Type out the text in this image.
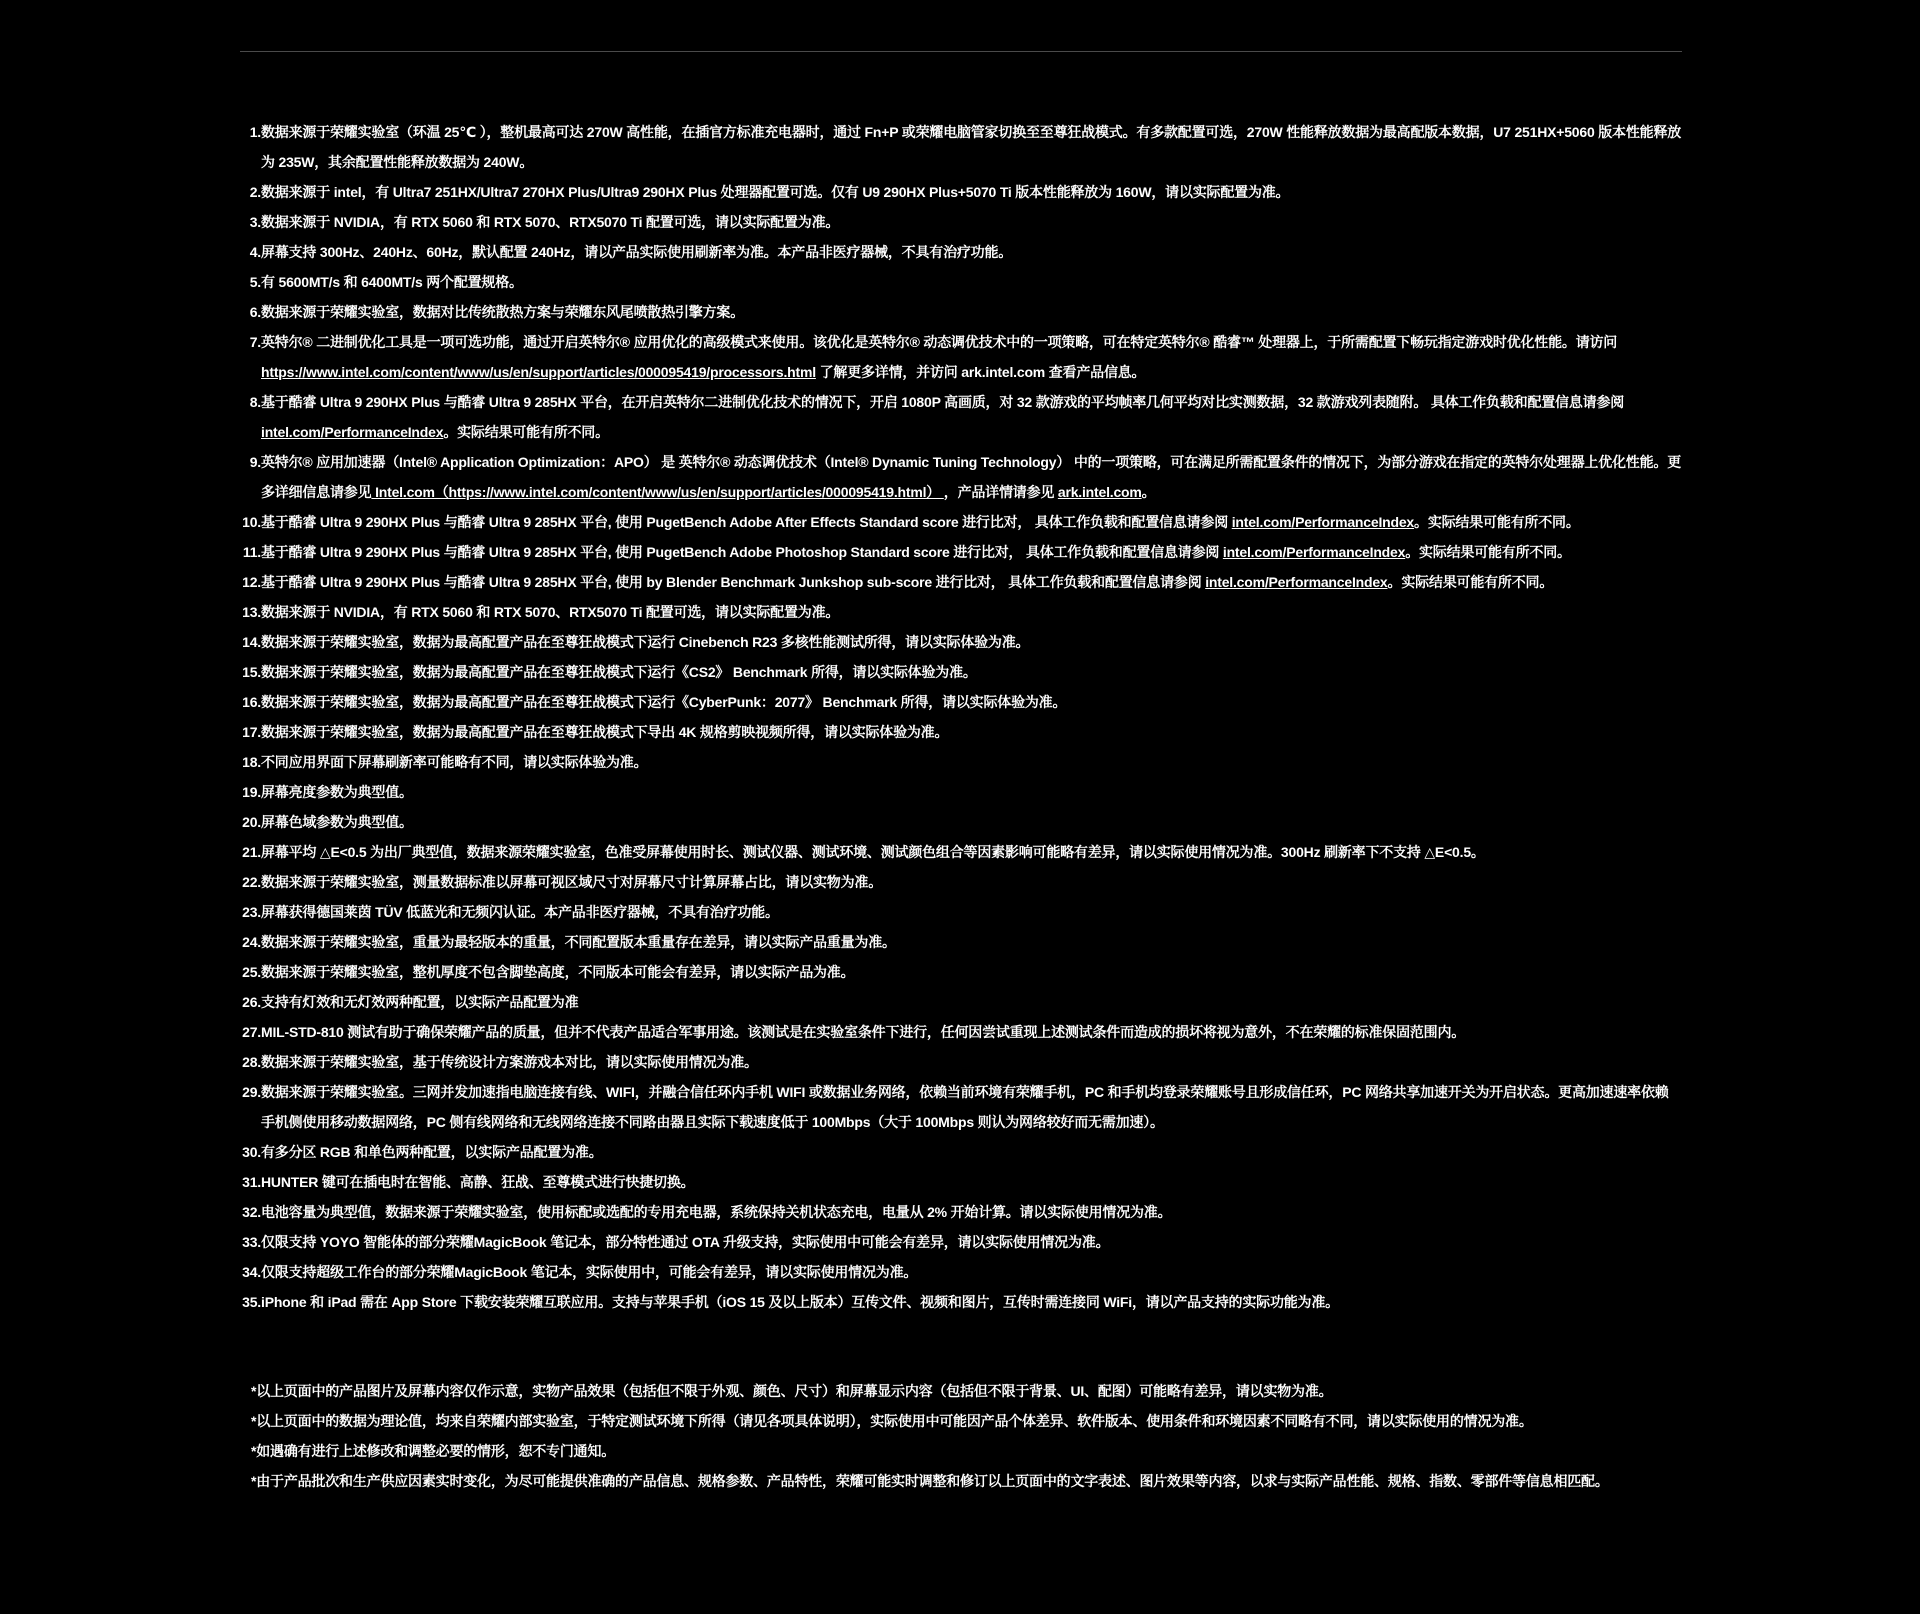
1. 数据来源于荣耀实验室（环温 25℃ ），整机最高可达 270W 高性能，在插官方标准充电器时，通过 Fn+P 或荣耀电脑管家切换至至尊狂战模式。有多款配置可选，270W 性能释放数据为最高配版本数据，U7 251HX+5060 版本性能释放为 235W，其余配置性能释放数据为 240W。
2. 数据来源于 intel，有 Ultra7 251HX/Ultra7 270HX Plus/Ultra9 290HX Plus 处理器配置可选。仅有 U9 290HX Plus+5070 Ti 版本性能释放为 160W，请以实际配置为准。
3. 数据来源于 NVIDIA，有 RTX 5060 和 RTX 5070、RTX5070 Ti 配置可选，请以实际配置为准。
4. 屏幕支持 300Hz、240Hz、60Hz，默认配置 240Hz，请以产品实际使用刷新率为准。本产品非医疗器械，不具有治疗功能。
5. 有 5600MT/s 和 6400MT/s 两个配置规格。
6. 数据来源于荣耀实验室，数据对比传统散热方案与荣耀东风尾喷散热引擎方案。
7. 英特尔® 二进制优化工具是一项可选功能，通过开启英特尔® 应用优化的高级模式来使用。该优化是英特尔® 动态调优技术中的一项策略，可在特定英特尔® 酷睿™ 处理器上，于所需配置下畅玩指定游戏时优化性能。请访问https://www.intel.com/content/www/us/en/support/articles/000095419/processors.html 了解更多详情，并访问 ark.intel.com 查看产品信息。
8. 基于酷睿 Ultra 9 290HX Plus 与酷睿 Ultra 9 285HX 平台，在开启英特尔二进制优化技术的情况下，开启 1080P 高画质，对 32 款游戏的平均帧率几何平均对比实测数据，32 款游戏列表随附。 具体工作负载和配置信息请参阅 intel.com/PerformanceIndex。实际结果可能有所不同。
9. 英特尔® 应用加速器（Intel® Application Optimization：APO） 是 英特尔® 动态调优技术（Intel® Dynamic Tuning Technology） 中的一项策略，可在满足所需配置条件的情况下，为部分游戏在指定的英特尔处理器上优化性能。更多详细信息请参见 Intel.com（https://www.intel.com/content/www/us/en/support/articles/000095419.html） ，产品详情请参见 ark.intel.com。
10. 基于酷睿 Ultra 9 290HX Plus 与酷睿 Ultra 9 285HX 平台, 使用 PugetBench Adobe After Effects Standard score 进行比对， 具体工作负载和配置信息请参阅 intel.com/PerformanceIndex。实际结果可能有所不同。
11. 基于酷睿 Ultra 9 290HX Plus 与酷睿 Ultra 9 285HX 平台, 使用 PugetBench Adobe Photoshop Standard score 进行比对， 具体工作负载和配置信息请参阅 intel.com/PerformanceIndex。实际结果可能有所不同。
12. 基于酷睿 Ultra 9 290HX Plus 与酷睿 Ultra 9 285HX 平台, 使用 by Blender Benchmark Junkshop sub-score 进行比对， 具体工作负载和配置信息请参阅 intel.com/PerformanceIndex。实际结果可能有所不同。
13. 数据来源于 NVIDIA，有 RTX 5060 和 RTX 5070、RTX5070 Ti 配置可选，请以实际配置为准。
14. 数据来源于荣耀实验室，数据为最高配置产品在至尊狂战模式下运行 Cinebench R23 多核性能测试所得，请以实际体验为准。
15. 数据来源于荣耀实验室，数据为最高配置产品在至尊狂战模式下运行《CS2》 Benchmark 所得，请以实际体验为准。
16. 数据来源于荣耀实验室，数据为最高配置产品在至尊狂战模式下运行《CyberPunk：2077》 Benchmark 所得，请以实际体验为准。
17. 数据来源于荣耀实验室，数据为最高配置产品在至尊狂战模式下导出 4K 规格剪映视频所得，请以实际体验为准。
18. 不同应用界面下屏幕刷新率可能略有不同，请以实际体验为准。
19. 屏幕亮度参数为典型值。
20. 屏幕色域参数为典型值。
21. 屏幕平均 △E<0.5 为出厂典型值，数据来源荣耀实验室，色准受屏幕使用时长、测试仪器、测试环境、测试颜色组合等因素影响可能略有差异，请以实际使用情况为准。300Hz 刷新率下不支持 △E<0.5。
22. 数据来源于荣耀实验室，测量数据标准以屏幕可视区域尺寸对屏幕尺寸计算屏幕占比，请以实物为准。
23. 屏幕获得德国莱茵 TÜV 低蓝光和无频闪认证。本产品非医疗器械，不具有治疗功能。
24. 数据来源于荣耀实验室，重量为最轻版本的重量，不同配置版本重量存在差异，请以实际产品重量为准。
25. 数据来源于荣耀实验室，整机厚度不包含脚垫高度，不同版本可能会有差异，请以实际产品为准。
26. 支持有灯效和无灯效两种配置，以实际产品配置为准
27. MIL-STD-810 测试有助于确保荣耀产品的质量，但并不代表产品适合军事用途。该测试是在实验室条件下进行，任何因尝试重现上述测试条件而造成的损坏将视为意外，不在荣耀的标准保固范围内。
28. 数据来源于荣耀实验室，基于传统设计方案游戏本对比，请以实际使用情况为准。
29. 数据来源于荣耀实验室。三网并发加速指电脑连接有线、WIFI，并融合信任环内手机 WIFI 或数据业务网络，依赖当前环境有荣耀手机，PC 和手机均登录荣耀账号且形成信任环，PC 网络共享加速开关为开启状态。更高加速速率依赖手机侧使用移动数据网络，PC 侧有线网络和无线网络连接不同路由器且实际下载速度低于 100Mbps（大于 100Mbps 则认为网络较好而无需加速）。
30. 有多分区 RGB 和单色两种配置，以实际产品配置为准。
31. HUNTER 键可在插电时在智能、高静、狂战、至尊模式进行快捷切换。
32. 电池容量为典型值，数据来源于荣耀实验室，使用标配或选配的专用充电器，系统保持关机状态充电，电量从 2% 开始计算。请以实际使用情况为准。
33. 仅限支持 YOYO 智能体的部分荣耀MagicBook 笔记本，部分特性通过 OTA 升级支持，实际使用中可能会有差异，请以实际使用情况为准。
34. 仅限支持超级工作台的部分荣耀MagicBook 笔记本，实际使用中，可能会有差异，请以实际使用情况为准。
35. iPhone 和 iPad 需在 App Store 下载安装荣耀互联应用。支持与苹果手机（iOS 15 及以上版本）互传文件、视频和图片，互传时需连接同 WiFi，请以产品支持的实际功能为准。
*以上页面中的产品图片及屏幕内容仅作示意，实物产品效果（包括但不限于外观、颜色、尺寸）和屏幕显示内容（包括但不限于背景、UI、配图）可能略有差异，请以实物为准。
*以上页面中的数据为理论值，均来自荣耀内部实验室，于特定测试环境下所得（请见各项具体说明），实际使用中可能因产品个体差异、软件版本、使用条件和环境因素不同略有不同，请以实际使用的情况为准。
*如遇确有进行上述修改和调整必要的情形，恕不专门通知。
*由于产品批次和生产供应因素实时变化，为尽可能提供准确的产品信息、规格参数、产品特性，荣耀可能实时调整和修订以上页面中的文字表述、图片效果等内容，以求与实际产品性能、规格、指数、零部件等信息相匹配。
